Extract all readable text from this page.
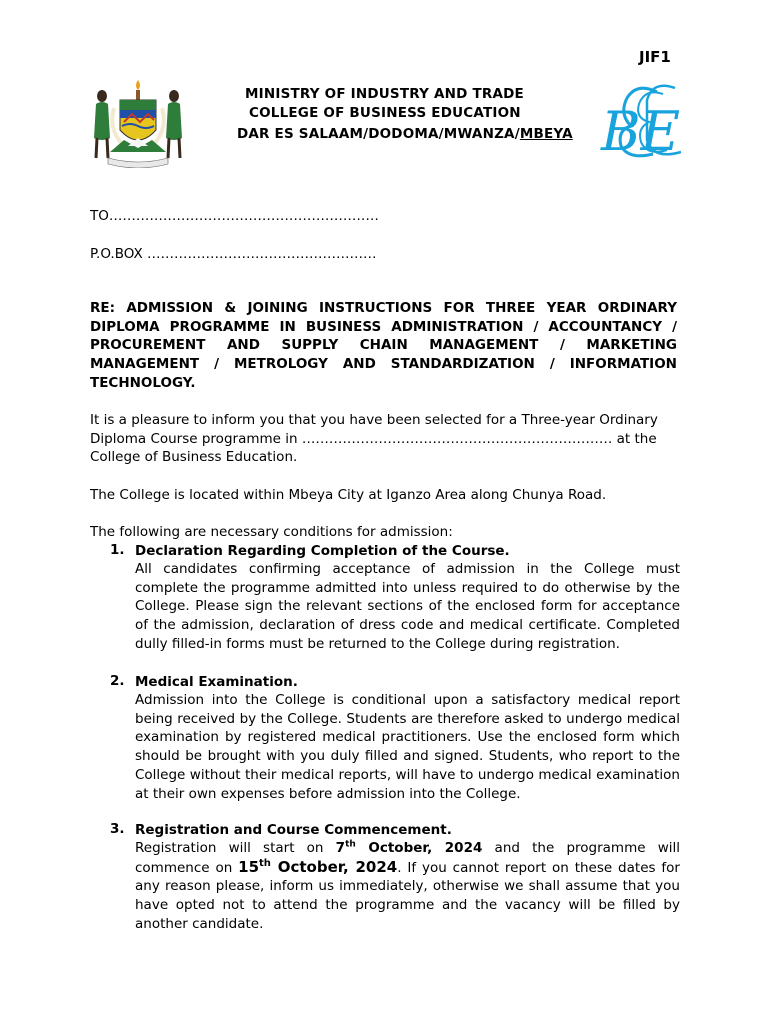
JIF1
MINISTRY OF INDUSTRY AND TRADE
COLLEGE OF BUSINESS EDUCATION
DAR ES SALAAM/DODOMA/MWANZA/MBEYA BE
TO……………………………………………………
P.O.BOX ……………………………………………
RE: ADMISSION & JOINING INSTRUCTIONS FOR THREE YEAR ORDINARY DIPLOMA PROGRAMME IN BUSINESS ADMINISTRATION / ACCOUNTANCY / PROCUREMENT AND SUPPLY CHAIN MANAGEMENT / MARKETING MANAGEMENT / METROLOGY AND STANDARDIZATION / INFORMATION TECHNOLOGY.
It is a pleasure to inform you that you have been selected for a Three-year Ordinary Diploma Course programme in …………………………………………………………… at the College of Business Education.
The College is located within Mbeya City at Iganzo Area along Chunya Road.
The following are necessary conditions for admission:
1. Declaration Regarding Completion of the Course.
All candidates confirming acceptance of admission in the College must complete the programme admitted into unless required to do otherwise by the College. Please sign the relevant sections of the enclosed form for acceptance of the admission, declaration of dress code and medical certificate. Completed dully filled-in forms must be returned to the College during registration.
2. Medical Examination.
Admission into the College is conditional upon a satisfactory medical report being received by the College. Students are therefore asked to undergo medical examination by registered medical practitioners. Use the enclosed form which should be brought with you duly filled and signed. Students, who report to the College without their medical reports, will have to undergo medical examination at their own expenses before admission into the College.
3. Registration and Course Commencement.
Registration will start on 7th October, 2024 and the programme will commence on 15th October, 2024. If you cannot report on these dates for any reason please, inform us immediately, otherwise we shall assume that you have opted not to attend the programme and the vacancy will be filled by another candidate.
